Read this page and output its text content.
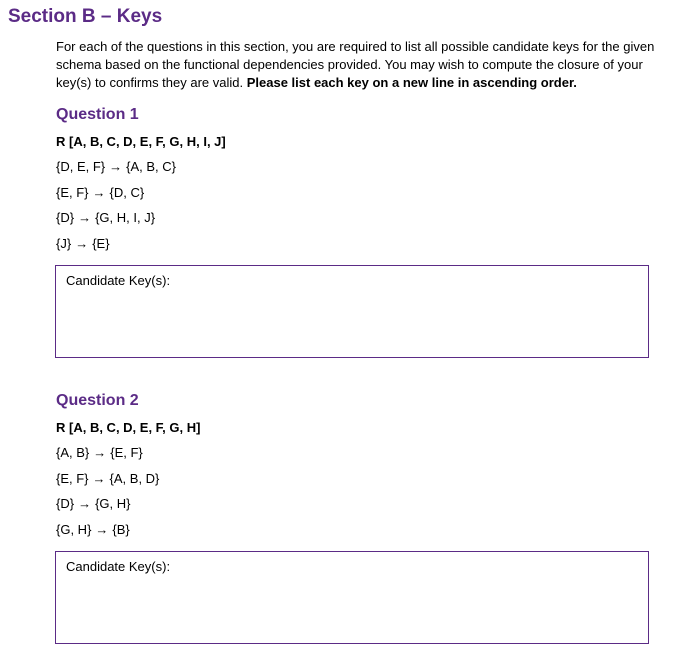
Section B – Keys

For each of the questions in this section, you are required to list all possible candidate keys for the given schema based on the functional dependencies provided. You may wish to compute the closure of your key(s) to confirms they are valid. Please list each key on a new line in ascending order.

Question 1

R [A, B, C, D, E, F, G, H, I, J]

{D, E, F} → {A, B, C}

{E, F} → {D, C}

{D} → {G, H, I, J}

{J} → {E}

Candidate Key(s):
Question 2

R [A, B, C, D, E, F, G, H]

{A, B} → {E, F}

{E, F} → {A, B, D}

{D} → {G, H}

{G, H} → {B}

Candidate Key(s):
